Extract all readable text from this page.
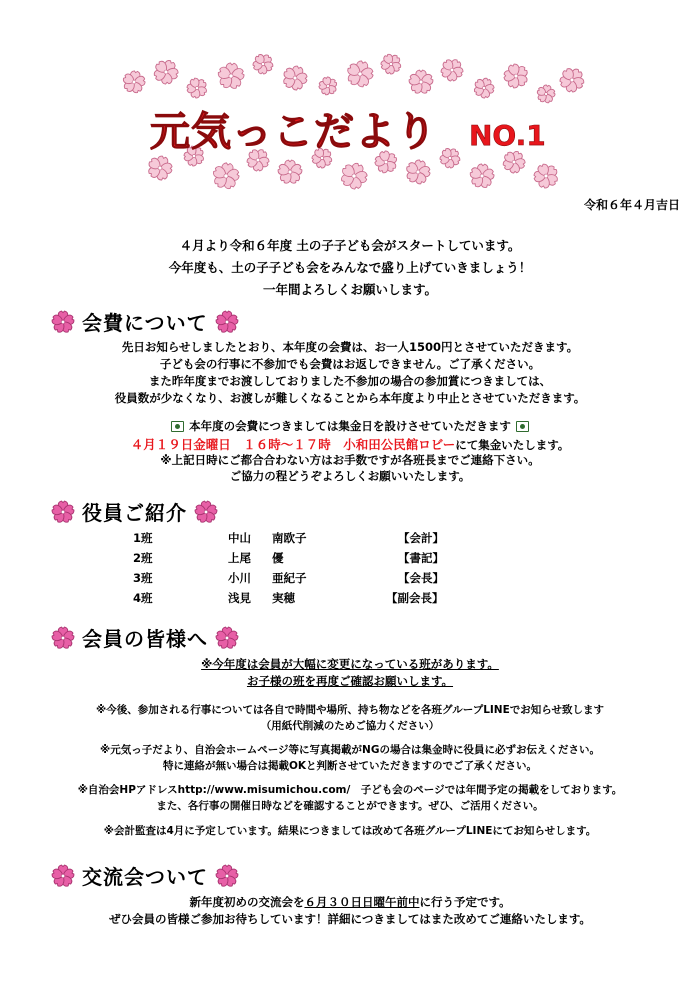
元気っこだより NO.1
令和６年４月吉日
４月より令和６年度 土の子子ども会がスタートしています。
今年度も、土の子子ども会をみんなで盛り上げていきましょう！
一年間よろしくお願いします。
会費について
先日お知らせしましたとおり、本年度の会費は、お一人1500円とさせていただきます。
子ども会の行事に不参加でも会費はお返しできません。ご了承ください。
また昨年度までお渡ししておりました不参加の場合の参加賞につきましては、
役員数が少なくなり、お渡しが難しくなることから本年度より中止とさせていただきます。
本年度の会費につきましては集金日を設けさせていただきます
４月１９日金曜日　１６時～１７時　小和田公民館ロビーにて集金いたします。
※上記日時にご都合合わない方はお手数ですが各班長までご連絡下さい。
ご協力の程どうぞよろしくお願いいたします。
役員ご紹介
1班	中山 南欧子	【会計】
2班	上尾 優	【書記】
3班	小川 亜紀子	【会長】
4班	浅見 実穂	【副会長】
会員の皆様へ
※今年度は会員が大幅に変更になっている班があります。
お子様の班を再度ご確認お願いします。
※今後、参加される行事については各自で時間や場所、持ち物などを各班グループLINEでお知らせ致します
（用紙代削減のためご協力ください）
※元気っ子だより、自治会ホームページ等に写真掲載がNGの場合は集金時に役員に必ずお伝えください。
特に連絡が無い場合は掲載OKと判断させていただきますのでご了承ください。
※自治会HPアドレスhttp://www.misumichou.com/　子ども会のページでは年間予定の掲載をしております。
また、各行事の開催日時などを確認することができます。ぜひ、ご活用ください。
※会計監査は4月に予定しています。結果につきましては改めて各班グループLINEにてお知らせします。
交流会ついて
新年度初めの交流会を６月３０日日曜午前中に行う予定です。
ぜひ会員の皆様ご参加お待ちしています！詳細につきましてはまた改めてご連絡いたします。
